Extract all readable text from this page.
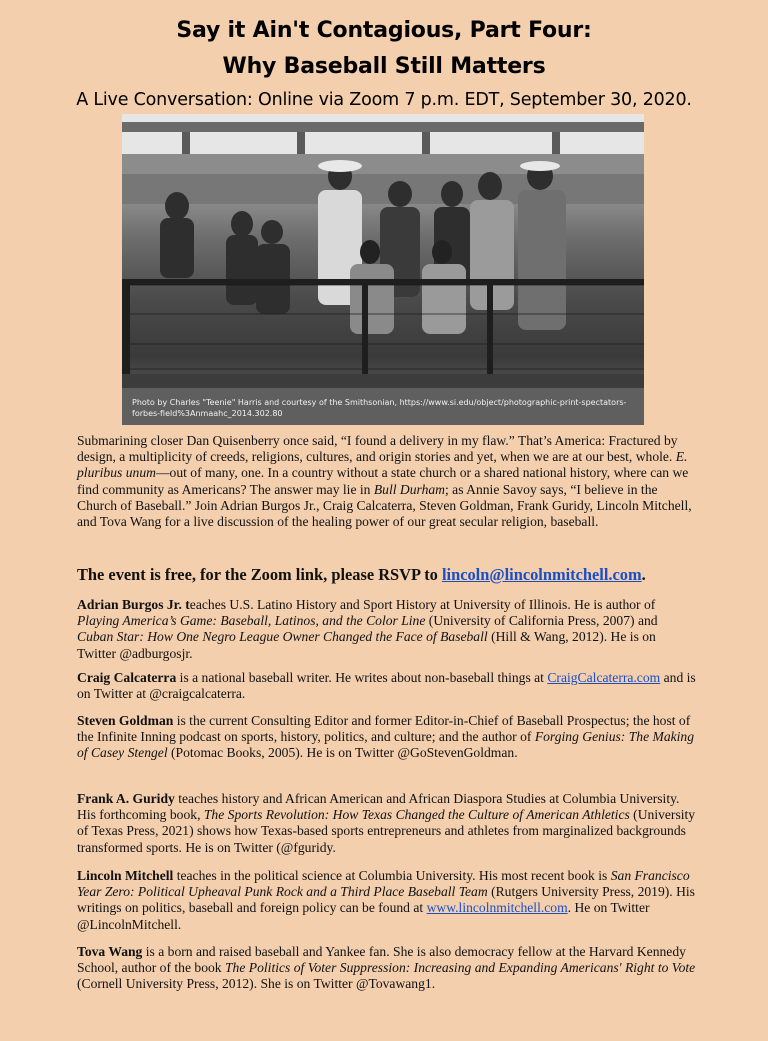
Say it Ain't Contagious, Part Four:
Why Baseball Still Matters
A Live Conversation: Online via Zoom 7 p.m. EDT, September 30, 2020.
Photo by Charles "Teenie" Harris and courtesy of the Smithsonian, https://www.si.edu/object/photographic-print-spectators-forbes-field%3Anmaahc_2014.302.80

Submarining closer Dan Quisenberry once said, “I found a delivery in my flaw.” That’s America: Fractured by design, a multiplicity of creeds, religions, cultures, and origin stories and yet, when we are at our best, whole. E. pluribus unum—out of many, one. In a country without a state church or a shared national history, where can we find community as Americans? The answer may lie in Bull Durham; as Annie Savoy says, “I believe in the Church of Baseball.” Join Adrian Burgos Jr., Craig Calcaterra, Steven Goldman, Frank Guridy, Lincoln Mitchell, and Tova Wang for a live discussion of the healing power of our great secular religion, baseball.

The event is free, for the Zoom link, please RSVP to lincoln@lincolnmitchell.com.

Adrian Burgos Jr. teaches U.S. Latino History and Sport History at University of Illinois. He is author of Playing America’s Game: Baseball, Latinos, and the Color Line (University of California Press, 2007) and Cuban Star: How One Negro League Owner Changed the Face of Baseball (Hill & Wang, 2012). He is on Twitter @adburgosjr.

Craig Calcaterra is a national baseball writer. He writes about non-baseball things at CraigCalcaterra.com and is on Twitter at @craigcalcaterra.

Steven Goldman is the current Consulting Editor and former Editor-in-Chief of Baseball Prospectus; the host of the Infinite Inning podcast on sports, history, politics, and culture; and the author of Forging Genius: The Making of Casey Stengel (Potomac Books, 2005). He is on Twitter @GoStevenGoldman.

Frank A. Guridy teaches history and African American and African Diaspora Studies at Columbia University. His forthcoming book, The Sports Revolution: How Texas Changed the Culture of American Athletics (University of Texas Press, 2021) shows how Texas-based sports entrepreneurs and athletes from marginalized backgrounds transformed sports. He is on Twitter (@fguridy.

Lincoln Mitchell teaches in the political science at Columbia University. His most recent book is San Francisco Year Zero: Political Upheaval Punk Rock and a Third Place Baseball Team (Rutgers University Press, 2019). His writings on politics, baseball and foreign policy can be found at www.lincolnmitchell.com. He on Twitter @LincolnMitchell.

Tova Wang is a born and raised baseball and Yankee fan. She is also democracy fellow at the Harvard Kennedy School, author of the book The Politics of Voter Suppression: Increasing and Expanding Americans' Right to Vote (Cornell University Press, 2012). She is on Twitter @Tovawang1.
